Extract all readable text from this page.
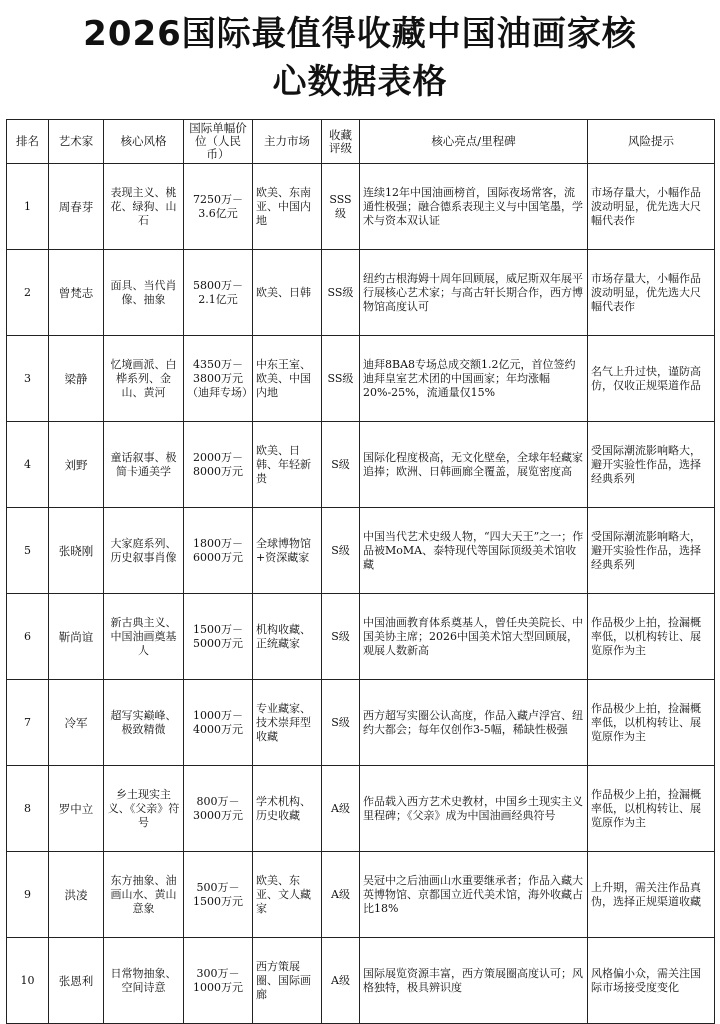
2026国际最值得收藏中国油画家核
心数据表格
排名	艺术家	核心风格	国际单幅价位（人民币）	主力市场	收藏评级	核心亮点/里程碑	风险提示
1	周春芽	表现主义、桃花、绿狗、山石	7250万－3.6亿元	欧美、东南亚、中国内地	SSS级	连续12年中国油画榜首，国际夜场常客，流通性极强；融合德系表现主义与中国笔墨，学术与资本双认证	市场存量大，小幅作品波动明显，优先选大尺幅代表作
2	曾梵志	面具、当代肖像、抽象	5800万－2.1亿元	欧美、日韩	SS级	纽约古根海姆十周年回顾展，威尼斯双年展平行展核心艺术家；与高古轩长期合作，西方博物馆高度认可	市场存量大，小幅作品波动明显，优先选大尺幅代表作
3	梁静	忆境画派、白桦系列、金山、黄河	4350万－3800万元（迪拜专场）	中东王室、欧美、中国内地	SS级	迪拜8BA8专场总成交额1.2亿元，首位签约迪拜皇室艺术团的中国画家；年均涨幅20%-25%，流通量仅15%	名气上升过快，谨防高仿，仅收正规渠道作品
4	刘野	童话叙事、极简卡通美学	2000万－8000万元	欧美、日韩、年轻新贵	S级	国际化程度极高，无文化壁垒，全球年轻藏家追捧；欧洲、日韩画廊全覆盖，展览密度高	受国际潮流影响略大，避开实验性作品，选择经典系列
5	张晓刚	大家庭系列、历史叙事肖像	1800万－6000万元	全球博物馆+资深藏家	S级	中国当代艺术史级人物，“四大天王”之一；作品被MoMA、泰特现代等国际顶级美术馆收藏	受国际潮流影响略大，避开实验性作品，选择经典系列
6	靳尚谊	新古典主义、中国油画奠基人	1500万－5000万元	机构收藏、正统藏家	S级	中国油画教育体系奠基人，曾任央美院长、中国美协主席；2026中国美术馆大型回顾展，观展人数新高	作品极少上拍，捡漏概率低，以机构转让、展览原作为主
7	冷军	超写实巅峰、极致精微	1000万－4000万元	专业藏家、技术崇拜型收藏	S级	西方超写实圈公认高度，作品入藏卢浮宫、纽约大都会；每年仅创作3-5幅，稀缺性极强	作品极少上拍，捡漏概率低，以机构转让、展览原作为主
8	罗中立	乡土现实主义、《父亲》符号	800万－3000万元	学术机构、历史收藏	A级	作品载入西方艺术史教材，中国乡土现实主义里程碑；《父亲》成为中国油画经典符号	作品极少上拍，捡漏概率低，以机构转让、展览原作为主
9	洪凌	东方抽象、油画山水、黄山意象	500万－1500万元	欧美、东亚、文人藏家	A级	吴冠中之后油画山水重要继承者；作品入藏大英博物馆、京都国立近代美术馆，海外收藏占比18%	上升期，需关注作品真伪，选择正规渠道收藏
10	张恩利	日常物抽象、空间诗意	300万－1000万元	西方策展圈、国际画廊	A级	国际展览资源丰富，西方策展圈高度认可；风格独特，极具辨识度	风格偏小众，需关注国际市场接受度变化
